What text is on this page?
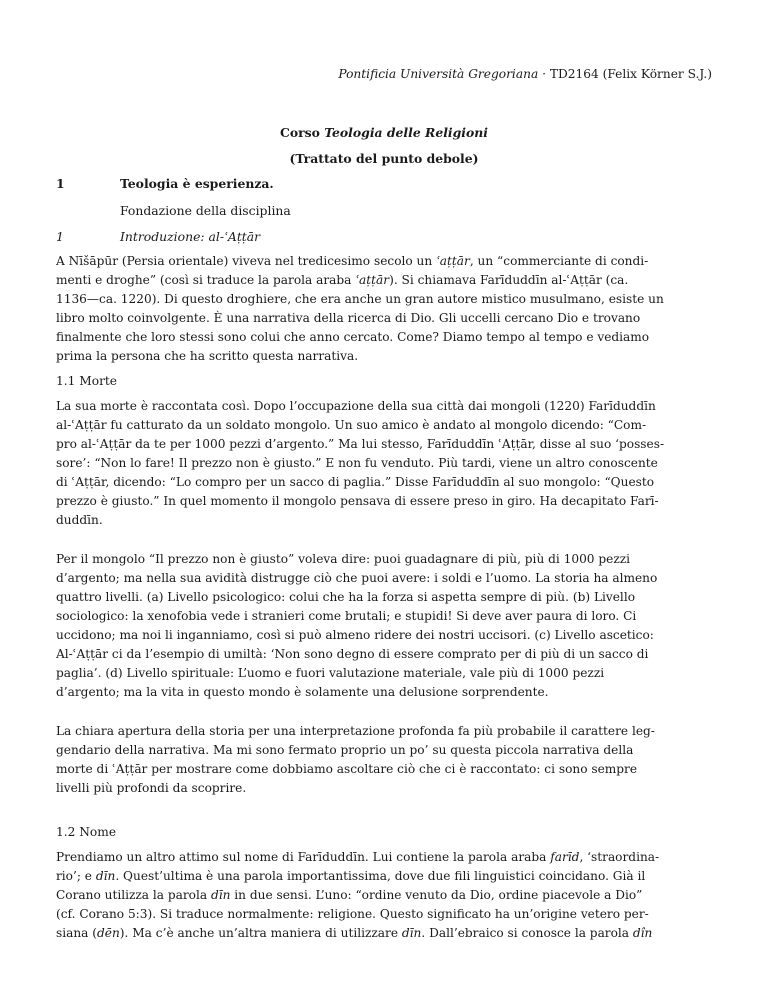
Pontificia Università Gregoriana · TD2164 (Felix Körner S.J.)
Corso Teologia delle Religioni
(Trattato del punto debole)
1	Teologia è esperienza.
Fondazione della disciplina
1	Introduzione: al-ʿAṭṭār
A Nīšāpūr (Persia orientale) viveva nel tredicesimo secolo un ʿaṭṭār, un “commerciante di condi-
menti e droghe” (così si traduce la parola araba ʿaṭṭār). Si chiamava Farīduddīn al-ʿAṭṭār (ca.
1136—ca. 1220). Di questo droghiere, che era anche un gran autore mistico musulmano, esiste un
libro molto coinvolgente. È una narrativa della ricerca di Dio. Gli uccelli cercano Dio e trovano
finalmente che loro stessi sono colui che anno cercato. Come? Diamo tempo al tempo e vediamo
prima la persona che ha scritto questa narrativa.
1.1 Morte
La sua morte è raccontata così. Dopo l’occupazione della sua città dai mongoli (1220) Farīduddīn
al-ʿAṭṭār fu catturato da un soldato mongolo. Un suo amico è andato al mongolo dicendo: “Com-
pro al-ʿAṭṭār da te per 1000 pezzi d’argento.” Ma lui stesso, Farīduddīn ʿAṭṭār, disse al suo ‘posses-
sore’: “Non lo fare! Il prezzo non è giusto.” E non fu venduto. Più tardi, viene un altro conoscente
di ʿAṭṭār, dicendo: “Lo compro per un sacco di paglia.” Disse Farīduddīn al suo mongolo: “Questo
prezzo è giusto.” In quel momento il mongolo pensava di essere preso in giro. Ha decapitato Farī-
duddīn.
Per il mongolo “Il prezzo non è giusto” voleva dire: puoi guadagnare di più, più di 1000 pezzi
d’argento; ma nella sua avidità distrugge ciò che puoi avere: i soldi e l’uomo. La storia ha almeno
quattro livelli. (a) Livello psicologico: colui che ha la forza si aspetta sempre di più. (b) Livello
sociologico: la xenofobia vede i stranieri come brutali; e stupidi! Si deve aver paura di loro. Ci
uccidono; ma noi li inganniamo, così si può almeno ridere dei nostri uccisori. (c) Livello ascetico:
Al-ʿAṭṭār ci da l’esempio di umiltà: ‘Non sono degno di essere comprato per di più di un sacco di
paglia’. (d) Livello spirituale: L’uomo e fuori valutazione materiale, vale più di 1000 pezzi
d’argento; ma la vita in questo mondo è solamente una delusione sorprendente.
La chiara apertura della storia per una interpretazione profonda fa più probabile il carattere leg-
gendario della narrativa. Ma mi sono fermato proprio un po’ su questa piccola narrativa della
morte di ʿAṭṭār per mostrare come dobbiamo ascoltare ciò che ci è raccontato: ci sono sempre
livelli più profondi da scoprire.
1.2 Nome
Prendiamo un altro attimo sul nome di Farīduddīn. Lui contiene la parola araba farīd, ‘straordina-
rio’; e dīn. Quest’ultima è una parola importantissima, dove due fili linguistici coincidano. Già il
Corano utilizza la parola dīn in due sensi. L’uno: “ordine venuto da Dio, ordine piacevole a Dio”
(cf. Corano 5:3). Si traduce normalmente: religione. Questo significato ha un’origine vetero per-
siana (dēn). Ma c’è anche un’altra maniera di utilizzare dīn. Dall’ebraico si conosce la parola dîn
